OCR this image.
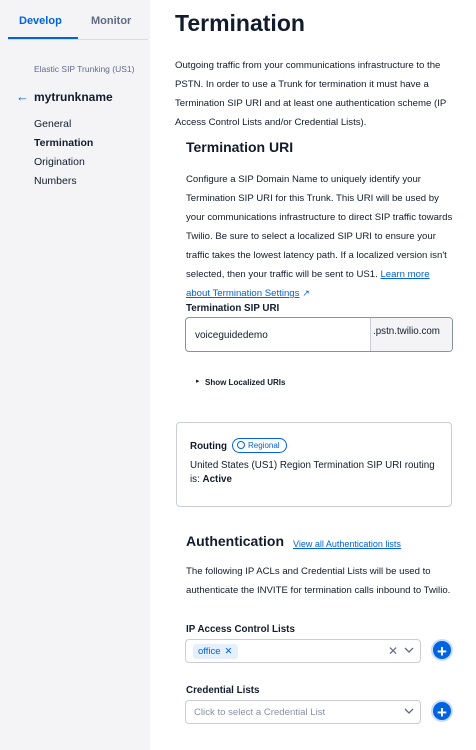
Develop	Monitor
Elastic SIP Trunking (US1)
← mytrunkname
General
Termination
Origination
Numbers
Termination

Outgoing traffic from your communications infrastructure to the PSTN. In order to use a Trunk for termination it must have a Termination SIP URI and at least one authentication scheme (IP Access Control Lists and/or Credential Lists).

Termination URI

Configure a SIP Domain Name to uniquely identify your Termination SIP URI for this Trunk. This URI will be used by your communications infrastructure to direct SIP traffic towards Twilio. Be sure to select a localized SIP URI to ensure your traffic takes the lowest latency path. If a localized version isn't selected, then your traffic will be sent to US1. Learn more about Termination Settings ↗

Termination SIP URI
voiceguidedemo	.pstn.twilio.com
▸ Show Localized URIs
Routing	Regional

United States (US1) Region Termination SIP URI routing is: Active

Authentication View all Authentication lists

The following IP ACLs and Credential Lists will be used to authenticate the INVITE for termination calls inbound to Twilio.

IP Access Control Lists
office ✕	✕	+
Credential Lists
Click to select a Credential List	+
